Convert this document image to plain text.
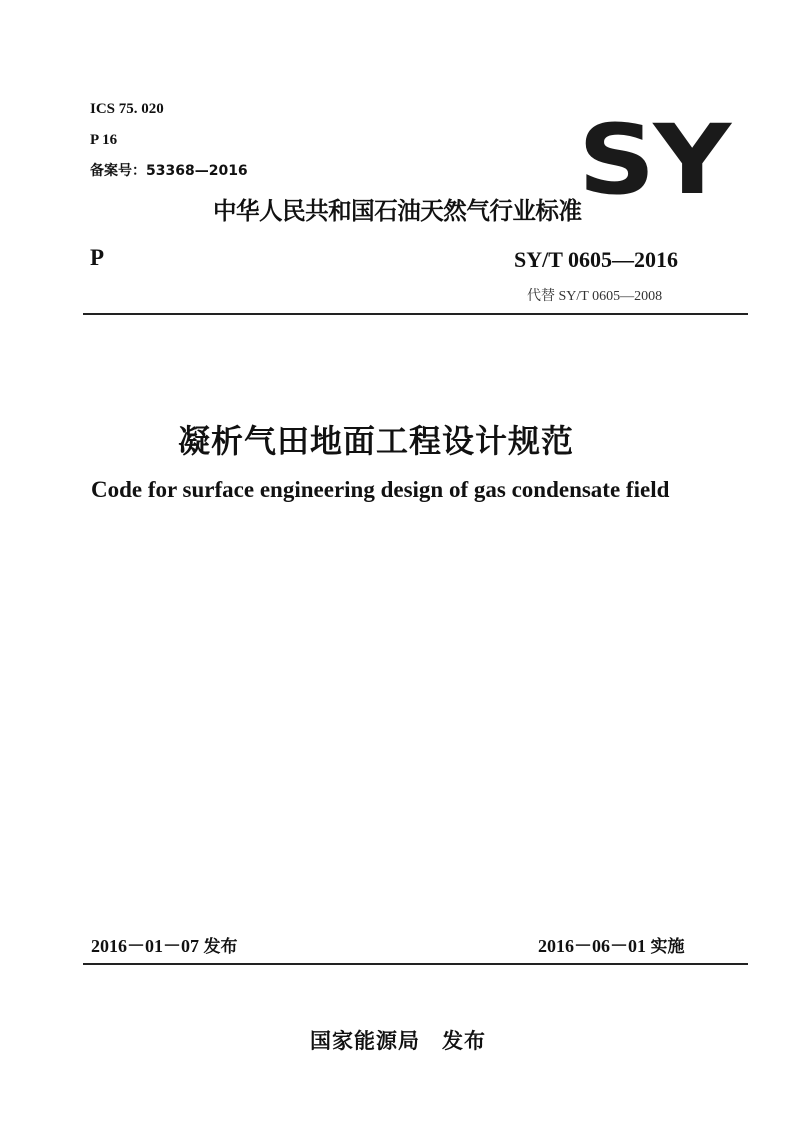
ICS 75. 020
P 16
备案号：53368—2016	SY
中华人民共和国石油天然气行业标准
P	SY/T 0605—2016
代替 SY/T 0605—2008
凝析气田地面工程设计规范
Code for surface engineering design of gas condensate field
2016－01－07 发布	2016－06－01 实施
国家能源局　发布
